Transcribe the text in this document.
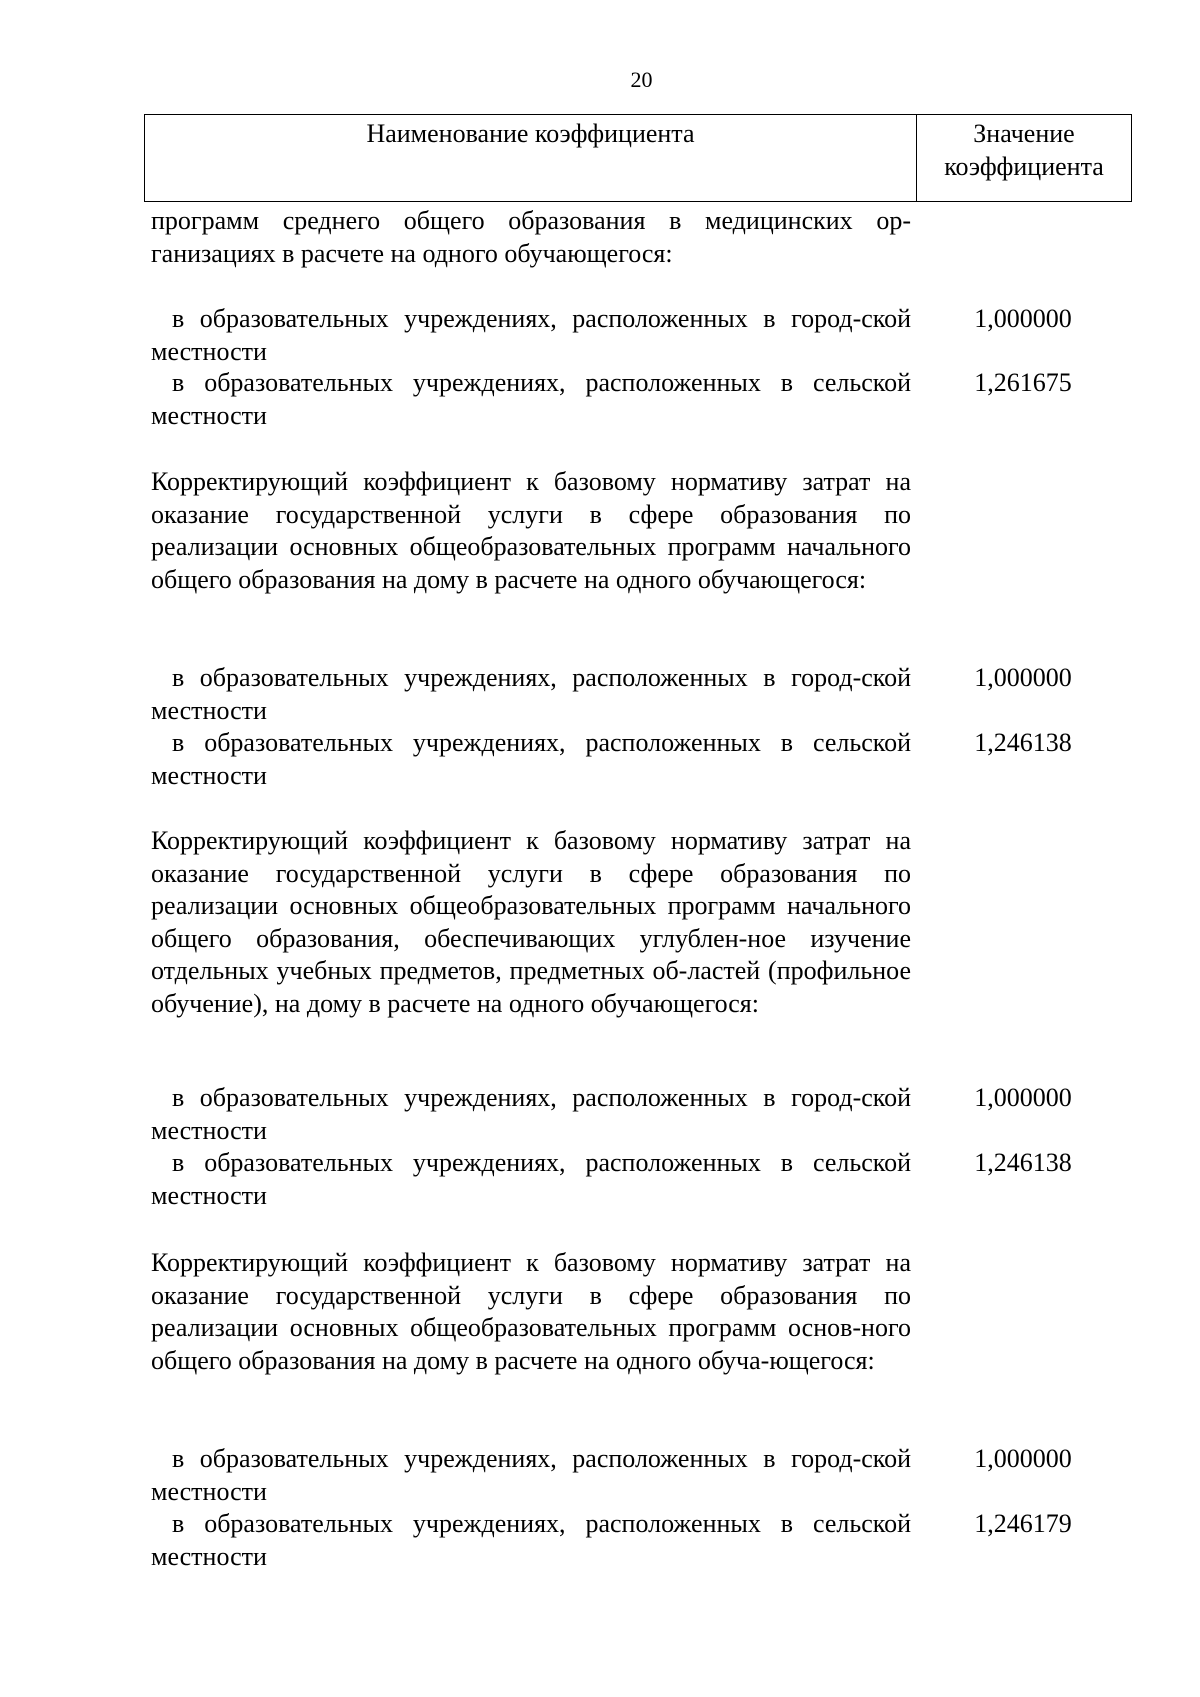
20
Наименование коэффициента	Значение
коэффициента

программ среднего общего образования в медицинских ор-ганизациях в расчете на одного обучающегося:

в образовательных учреждениях, расположенных в город-ской местности

1,000000

в образовательных учреждениях, расположенных в сельской местности

1,261675

Корректирующий коэффициент к базовому нормативу затрат на оказание государственной услуги в сфере образования по реализации основных общеобразовательных программ начального общего образования на дому в расчете на одного обучающегося:

в образовательных учреждениях, расположенных в город-ской местности

1,000000

в образовательных учреждениях, расположенных в сельской местности

1,246138

Корректирующий коэффициент к базовому нормативу затрат на оказание государственной услуги в сфере образования по реализации основных общеобразовательных программ начального общего образования, обеспечивающих углублен-ное изучение отдельных учебных предметов, предметных об-ластей (профильное обучение), на дому в расчете на одного обучающегося:

в образовательных учреждениях, расположенных в город-ской местности

1,000000

в образовательных учреждениях, расположенных в сельской местности

1,246138

Корректирующий коэффициент к базовому нормативу затрат на оказание государственной услуги в сфере образования по реализации основных общеобразовательных программ основ-ного общего образования на дому в расчете на одного обуча-ющегося:

в образовательных учреждениях, расположенных в город-ской местности

1,000000

в образовательных учреждениях, расположенных в сельской местности

1,246179
